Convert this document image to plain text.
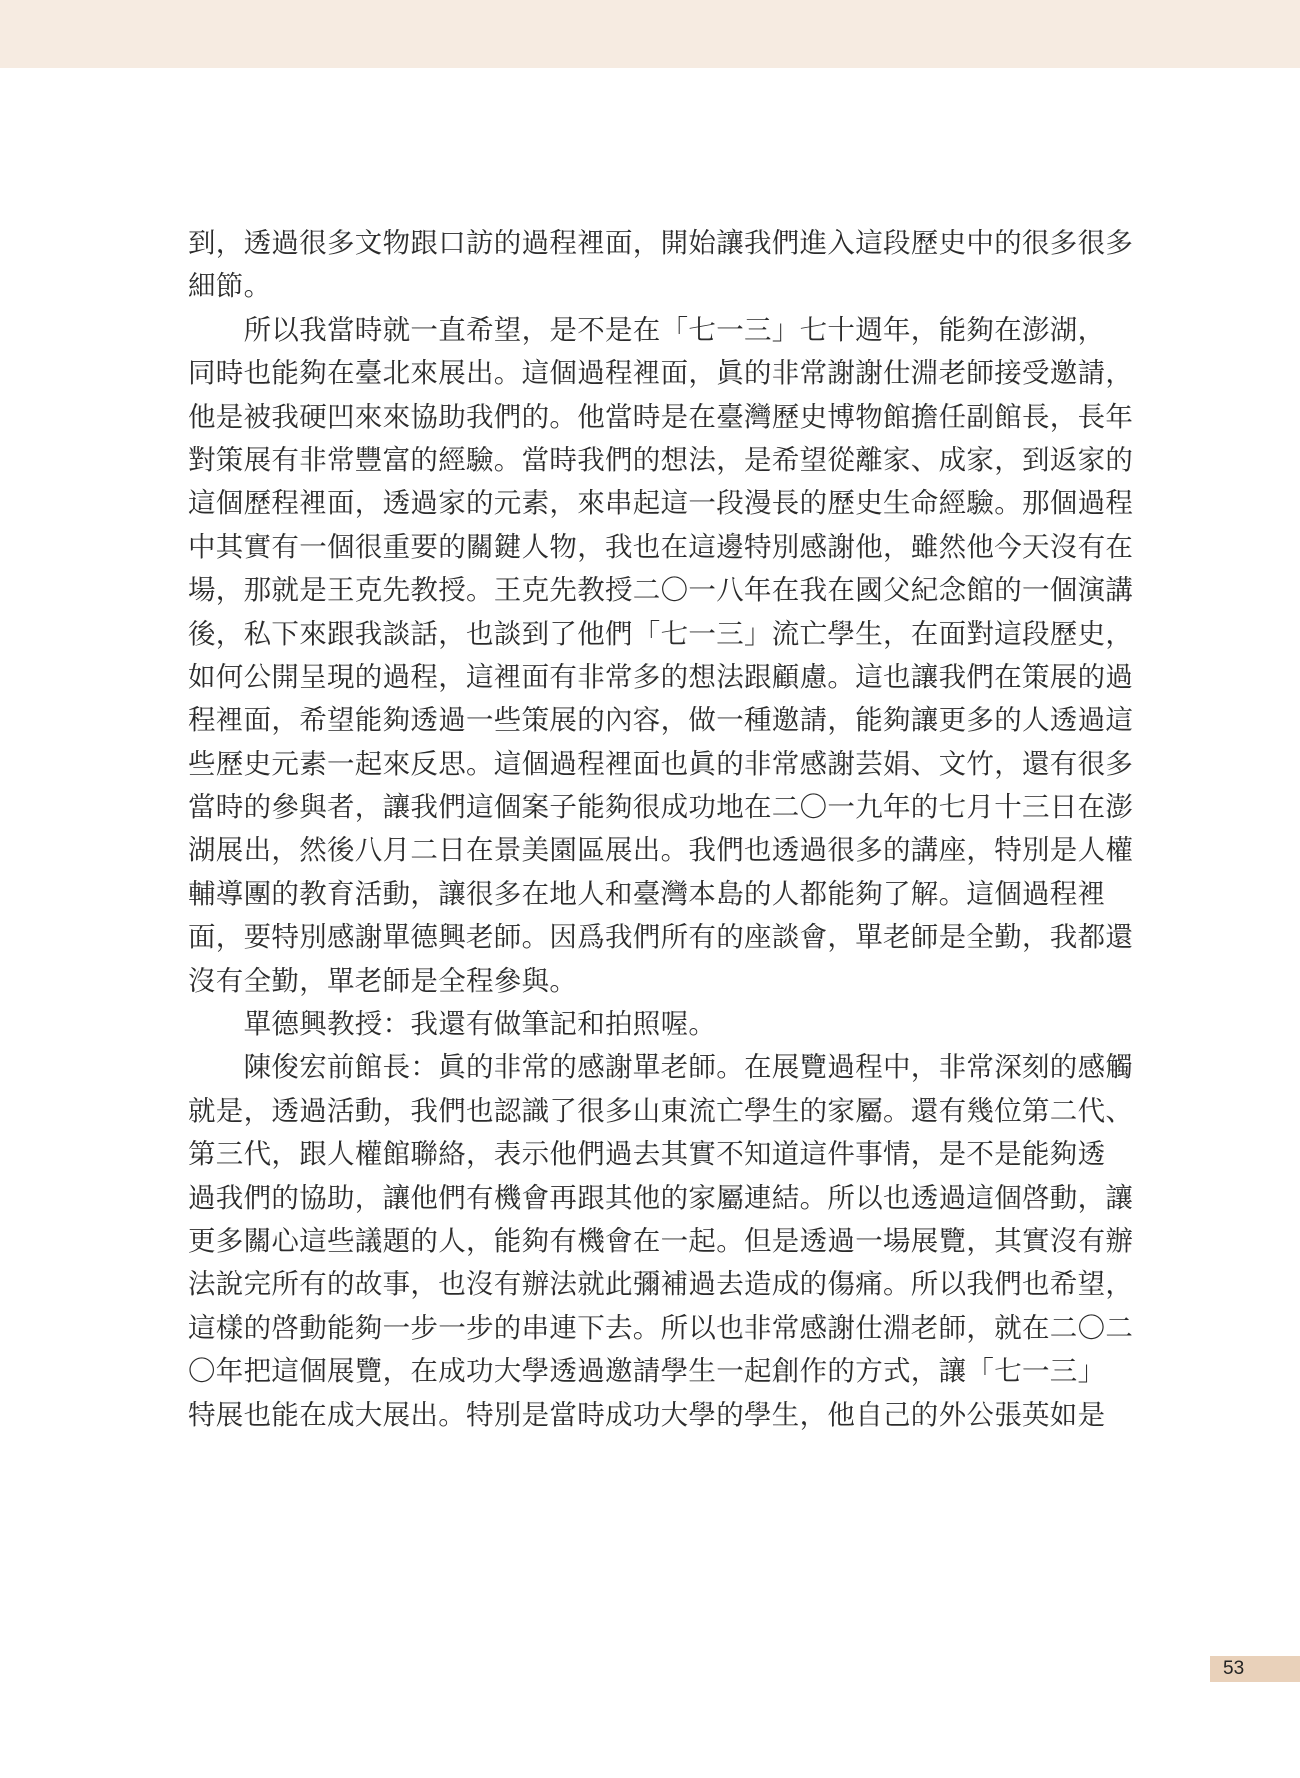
到，透過很多文物跟口訪的過程裡面，開始讓我們進入這段歷史中的很多很多
細節。
　　所以我當時就一直希望，是不是在「七一三」七十週年，能夠在澎湖，
同時也能夠在臺北來展出。這個過程裡面，眞的非常謝謝仕淵老師接受邀請，
他是被我硬凹來來協助我們的。他當時是在臺灣歷史博物館擔任副館長，長年
對策展有非常豐富的經驗。當時我們的想法，是希望從離家、成家，到返家的
這個歷程裡面，透過家的元素，來串起這一段漫長的歷史生命經驗。那個過程
中其實有一個很重要的關鍵人物，我也在這邊特別感謝他，雖然他今天沒有在
場，那就是王克先教授。王克先教授二〇一八年在我在國父紀念館的一個演講
後，私下來跟我談話，也談到了他們「七一三」流亡學生，在面對這段歷史，
如何公開呈現的過程，這裡面有非常多的想法跟顧慮。這也讓我們在策展的過
程裡面，希望能夠透過一些策展的內容，做一種邀請，能夠讓更多的人透過這
些歷史元素一起來反思。這個過程裡面也眞的非常感謝芸娟、文竹，還有很多
當時的參與者，讓我們這個案子能夠很成功地在二〇一九年的七月十三日在澎
湖展出，然後八月二日在景美園區展出。我們也透過很多的講座，特別是人權
輔導團的教育活動，讓很多在地人和臺灣本島的人都能夠了解。這個過程裡
面，要特別感謝單德興老師。因爲我們所有的座談會，單老師是全勤，我都還
沒有全勤，單老師是全程參與。
　　單德興教授：我還有做筆記和拍照喔。
　　陳俊宏前館長：眞的非常的感謝單老師。在展覽過程中，非常深刻的感觸
就是，透過活動，我們也認識了很多山東流亡學生的家屬。還有幾位第二代、
第三代，跟人權館聯絡，表示他們過去其實不知道這件事情，是不是能夠透
過我們的協助，讓他們有機會再跟其他的家屬連結。所以也透過這個啓動，讓
更多關心這些議題的人，能夠有機會在一起。但是透過一場展覽，其實沒有辦
法說完所有的故事，也沒有辦法就此彌補過去造成的傷痛。所以我們也希望，
這樣的啓動能夠一步一步的串連下去。所以也非常感謝仕淵老師，就在二〇二
〇年把這個展覽，在成功大學透過邀請學生一起創作的方式，讓「七一三」
特展也能在成大展出。特別是當時成功大學的學生，他自己的外公張英如是
53
